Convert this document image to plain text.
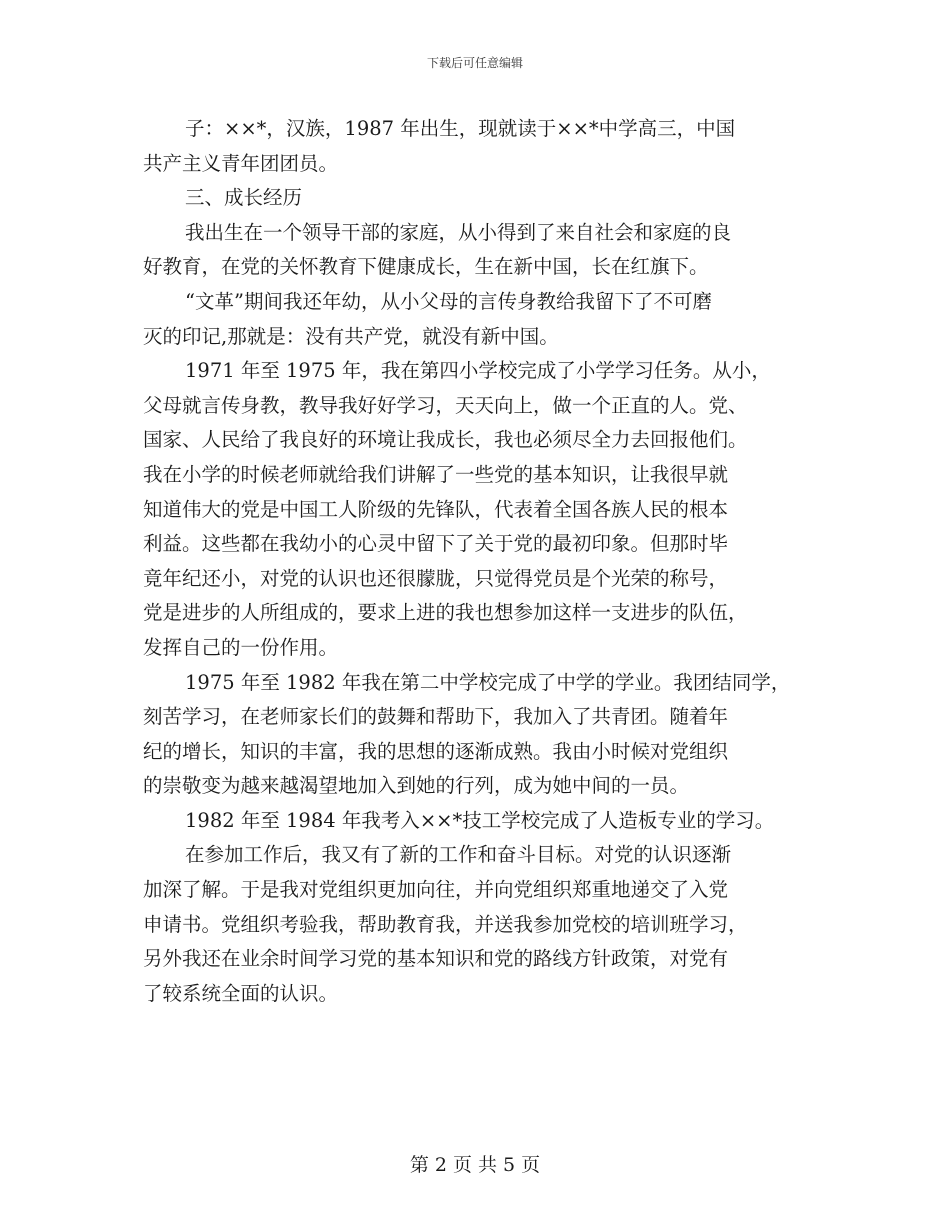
下载后可任意编辑
子：××*，汉族，1987 年出生，现就读于××*中学高三，中国
共产主义青年团团员。
三、成长经历
我出生在一个领导干部的家庭，从小得到了来自社会和家庭的良
好教育，在党的关怀教育下健康成长，生在新中国，长在红旗下。
“文革”期间我还年幼，从小父母的言传身教给我留下了不可磨
灭的印记,那就是：没有共产党，就没有新中国。
1971 年至 1975 年，我在第四小学校完成了小学学习任务。从小，
父母就言传身教，教导我好好学习，天天向上，做一个正直的人。党、
国家、人民给了我良好的环境让我成长，我也必须尽全力去回报他们。
我在小学的时候老师就给我们讲解了一些党的基本知识，让我很早就
知道伟大的党是中国工人阶级的先锋队，代表着全国各族人民的根本
利益。这些都在我幼小的心灵中留下了关于党的最初印象。但那时毕
竟年纪还小，对党的认识也还很朦胧，只觉得党员是个光荣的称号，
党是进步的人所组成的，要求上进的我也想参加这样一支进步的队伍，
发挥自己的一份作用。
1975 年至 1982 年我在第二中学校完成了中学的学业。我团结同学，
刻苦学习，在老师家长们的鼓舞和帮助下，我加入了共青团。随着年
纪的增长，知识的丰富，我的思想的逐渐成熟。我由小时候对党组织
的崇敬变为越来越渴望地加入到她的行列，成为她中间的一员。
1982 年至 1984 年我考入××*技工学校完成了人造板专业的学习。
在参加工作后，我又有了新的工作和奋斗目标。对党的认识逐渐
加深了解。于是我对党组织更加向往，并向党组织郑重地递交了入党
申请书。党组织考验我，帮助教育我，并送我参加党校的培训班学习，
另外我还在业余时间学习党的基本知识和党的路线方针政策，对党有
了较系统全面的认识。
第 2 页 共 5 页
